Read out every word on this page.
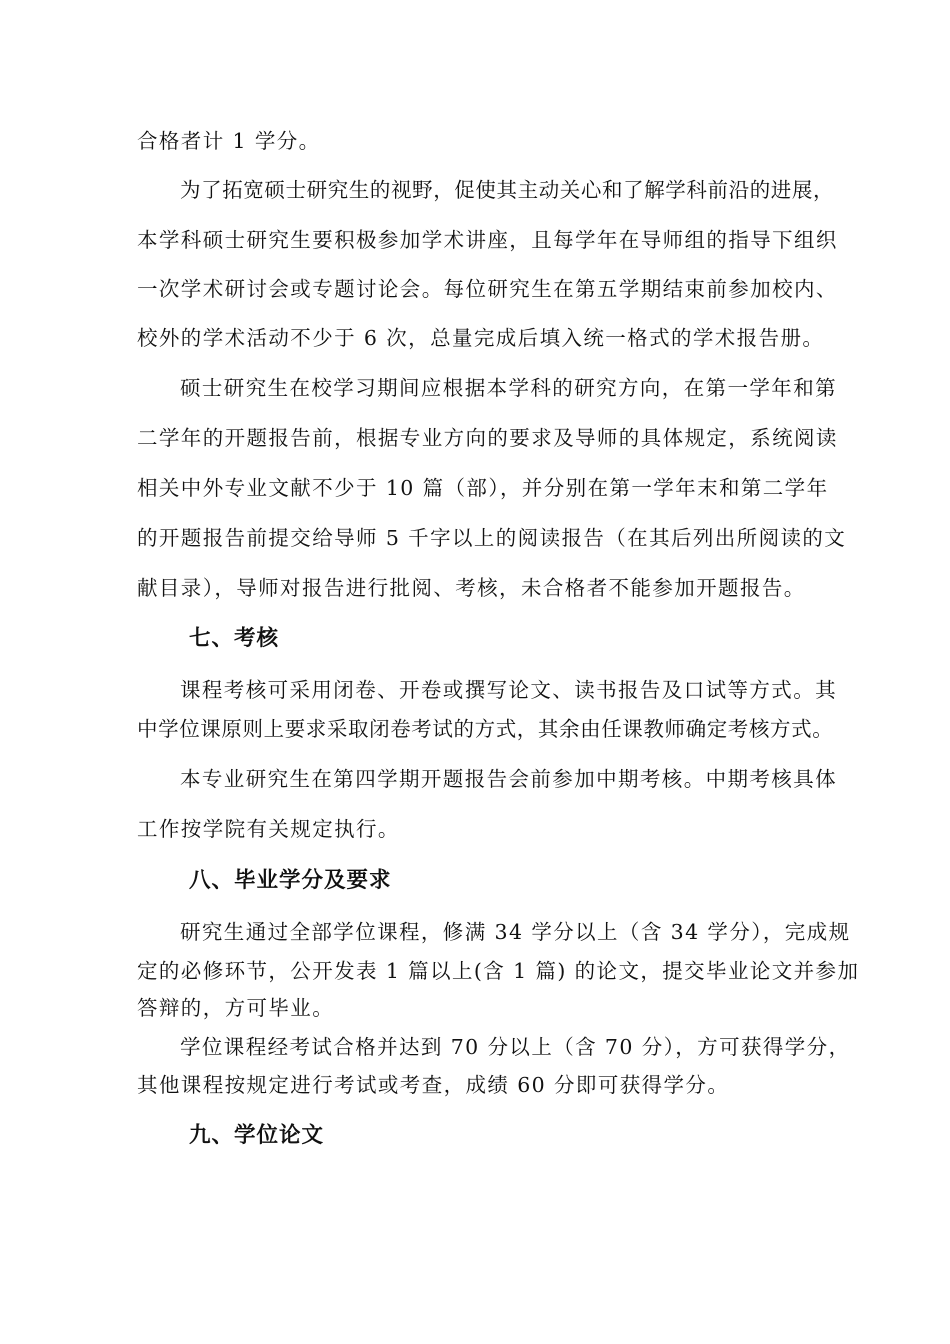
合格者计 1 学分。
为了拓宽硕士研究生的视野，促使其主动关心和了解学科前沿的进展，
本学科硕士研究生要积极参加学术讲座，且每学年在导师组的指导下组织
一次学术研讨会或专题讨论会。每位研究生在第五学期结束前参加校内、
校外的学术活动不少于 6 次，总量完成后填入统一格式的学术报告册。
硕士研究生在校学习期间应根据本学科的研究方向，在第一学年和第
二学年的开题报告前，根据专业方向的要求及导师的具体规定，系统阅读
相关中外专业文献不少于 10 篇（部），并分别在第一学年末和第二学年
的开题报告前提交给导师 5 千字以上的阅读报告（在其后列出所阅读的文
献目录），导师对报告进行批阅、考核，未合格者不能参加开题报告。
七、考核
课程考核可采用闭卷、开卷或撰写论文、读书报告及口试等方式。其
中学位课原则上要求采取闭卷考试的方式，其余由任课教师确定考核方式。
本专业研究生在第四学期开题报告会前参加中期考核。中期考核具体
工作按学院有关规定执行。
八、毕业学分及要求
研究生通过全部学位课程，修满 34 学分以上（含 34 学分），完成规
定的必修环节，公开发表 1 篇以上(含 1 篇) 的论文，提交毕业论文并参加
答辩的，方可毕业。
学位课程经考试合格并达到 70 分以上（含 70 分），方可获得学分，
其他课程按规定进行考试或考查，成绩 60 分即可获得学分。
九、学位论文
